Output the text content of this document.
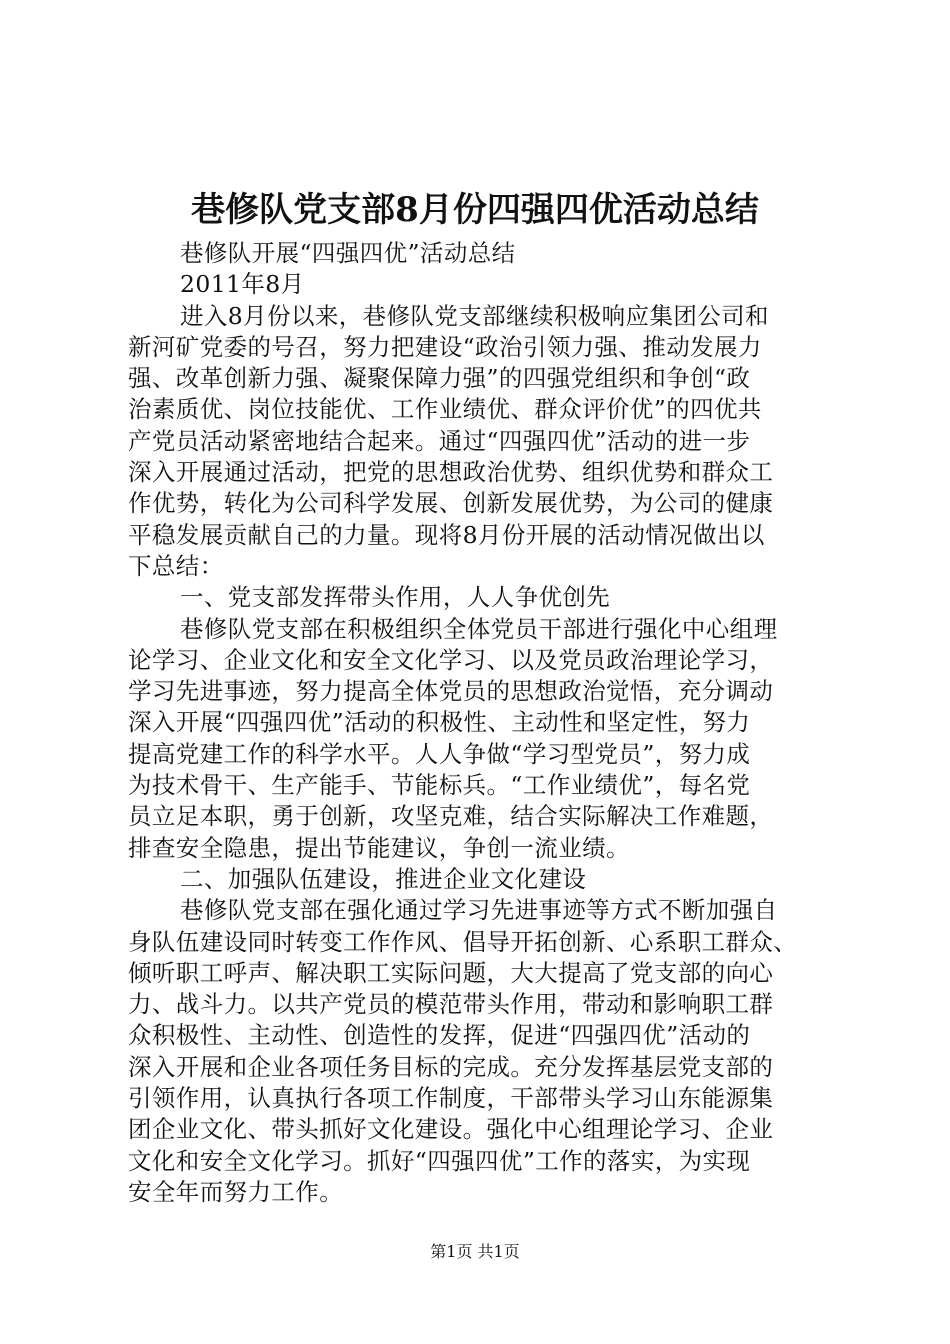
巷修队党支部8月份四强四优活动总结
巷修队开展“四强四优”活动总结
2011年8月
进入8月份以来，巷修队党支部继续积极响应集团公司和
新河矿党委的号召，努力把建设“政治引领力强、推动发展力
强、改革创新力强、凝聚保障力强”的四强党组织和争创“政
治素质优、岗位技能优、工作业绩优、群众评价优”的四优共
产党员活动紧密地结合起来。通过“四强四优”活动的进一步
深入开展通过活动，把党的思想政治优势、组织优势和群众工
作优势，转化为公司科学发展、创新发展优势，为公司的健康
平稳发展贡献自己的力量。现将8月份开展的活动情况做出以
下总结：
一、党支部发挥带头作用，人人争优创先
巷修队党支部在积极组织全体党员干部进行强化中心组理
论学习、企业文化和安全文化学习、以及党员政治理论学习，
学习先进事迹，努力提高全体党员的思想政治觉悟，充分调动
深入开展“四强四优”活动的积极性、主动性和坚定性，努力
提高党建工作的科学水平。人人争做“学习型党员”，努力成
为技术骨干、生产能手、节能标兵。“工作业绩优”，每名党
员立足本职，勇于创新，攻坚克难，结合实际解决工作难题，
排查安全隐患，提出节能建议，争创一流业绩。
二、加强队伍建设，推进企业文化建设
巷修队党支部在强化通过学习先进事迹等方式不断加强自
身队伍建设同时转变工作作风、倡导开拓创新、心系职工群众、
倾听职工呼声、解决职工实际问题，大大提高了党支部的向心
力、战斗力。以共产党员的模范带头作用，带动和影响职工群
众积极性、主动性、创造性的发挥，促进“四强四优”活动的
深入开展和企业各项任务目标的完成。充分发挥基层党支部的
引领作用，认真执行各项工作制度，干部带头学习山东能源集
团企业文化、带头抓好文化建设。强化中心组理论学习、企业
文化和安全文化学习。抓好“四强四优”工作的落实，为实现
安全年而努力工作。
第1页 共1页
